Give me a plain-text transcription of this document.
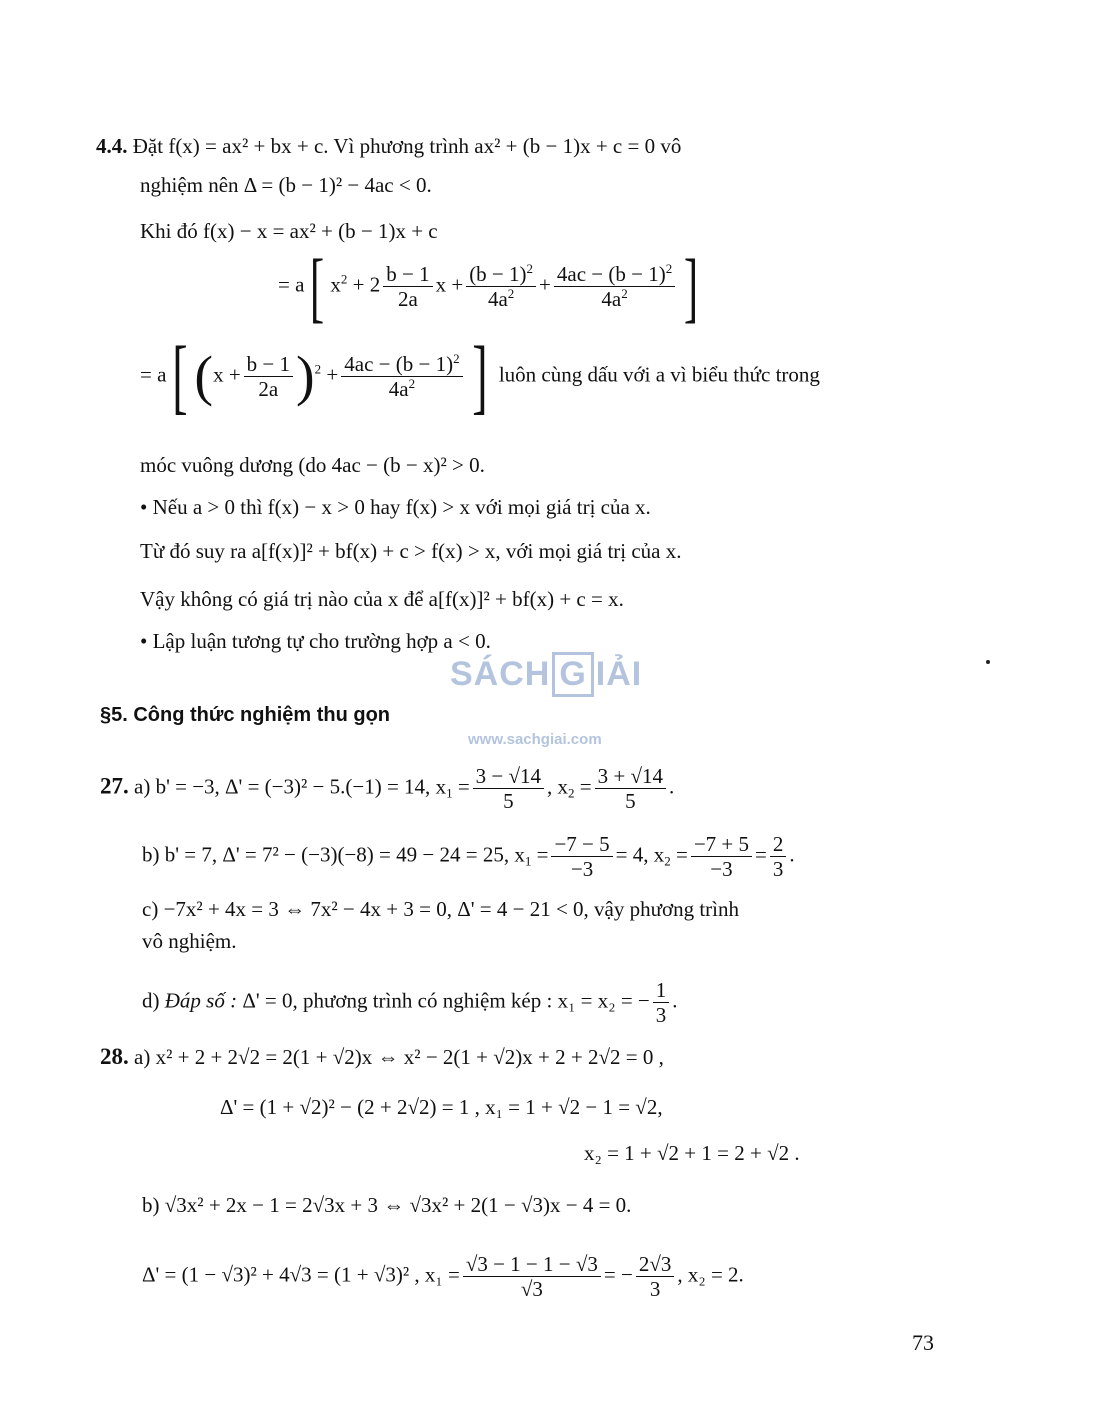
4.4. Đặt f(x) = ax² + bx + c. Vì phương trình ax² + (b − 1)x + c = 0 vô
nghiệm nên Δ = (b − 1)² − 4ac < 0.
Khi đó f(x) − x = ax² + (b − 1)x + c
= a[ $x^2 + 2 \frac{b - 1}{2a}$ $x + \frac{(b - 1)^2}{4a^2} + \frac{4ac - (b - 1)^2}{4a^2}$ ]
= a[ $(x + \frac{b - 1}{2a} )^2 + \frac{4ac - (b - 1)^2}{4a^2}$ ] luôn cùng dấu với a vì biểu thức trong
móc vuông dương (do 4ac − (b − x)² > 0.
• Nếu a > 0 thì f(x) − x > 0 hay f(x) > x với mọi giá trị của x.
Từ đó suy ra a[f(x)]² + bf(x) + c > f(x) > x, với mọi giá trị của x.
Vậy không có giá trị nào của x để a[f(x)]² + bf(x) + c = x.
• Lập luận tương tự cho trường hợp a < 0.
SÁCH G IẢI
www.sachgiai.com
§5. Công thức nghiệm thu gọn
27. a) b' = −3, Δ' = (−3)² − 5.(−1) = 14, $x_1 = \frac{3 - √14}{5}$ , $x_2 = \frac{3 + √14}{5}$ .
b) b' = 7, Δ' = 7² − (−3)(−8) = 49 − 24 = 25, $x_1 = \frac{-7 - 5}{-3} = 4$, $x_2 = \frac{-7 + 5}{-3} = \frac{2}{3}$ .
c) −7x² + 4x = 3 ⇔ 7x² − 4x + 3 = 0, Δ' = 4 − 21 < 0, vậy phương trình
vô nghiệm.
d) Đáp số : Δ' = 0, phương trình có nghiệm kép : x₁ = x₂ = − $\frac{1}{3}$ .
28. a) x² + 2 + 2√2 = 2(1 + √2)x ⇔ x² − 2(1 + √2)x + 2 + 2√2 = 0 ,
Δ' = (1 + √2)² − (2 + 2√2) = 1 , x₁ = 1 + √2 − 1 = √2,
x₂ = 1 + √2 + 1 = 2 + √2 .
b) √3x² + 2x − 1 = 2√3x + 3 ⇔ √3x² + 2(1 − √3)x − 4 = 0.
Δ' = (1 − √3)² + 4√3 = (1 + √3)² , $x_1 = \frac{√3 - 1 - 1 - √3}{√3}$ = − $\frac{2√3}{3}$ , x₂ = 2.
73
